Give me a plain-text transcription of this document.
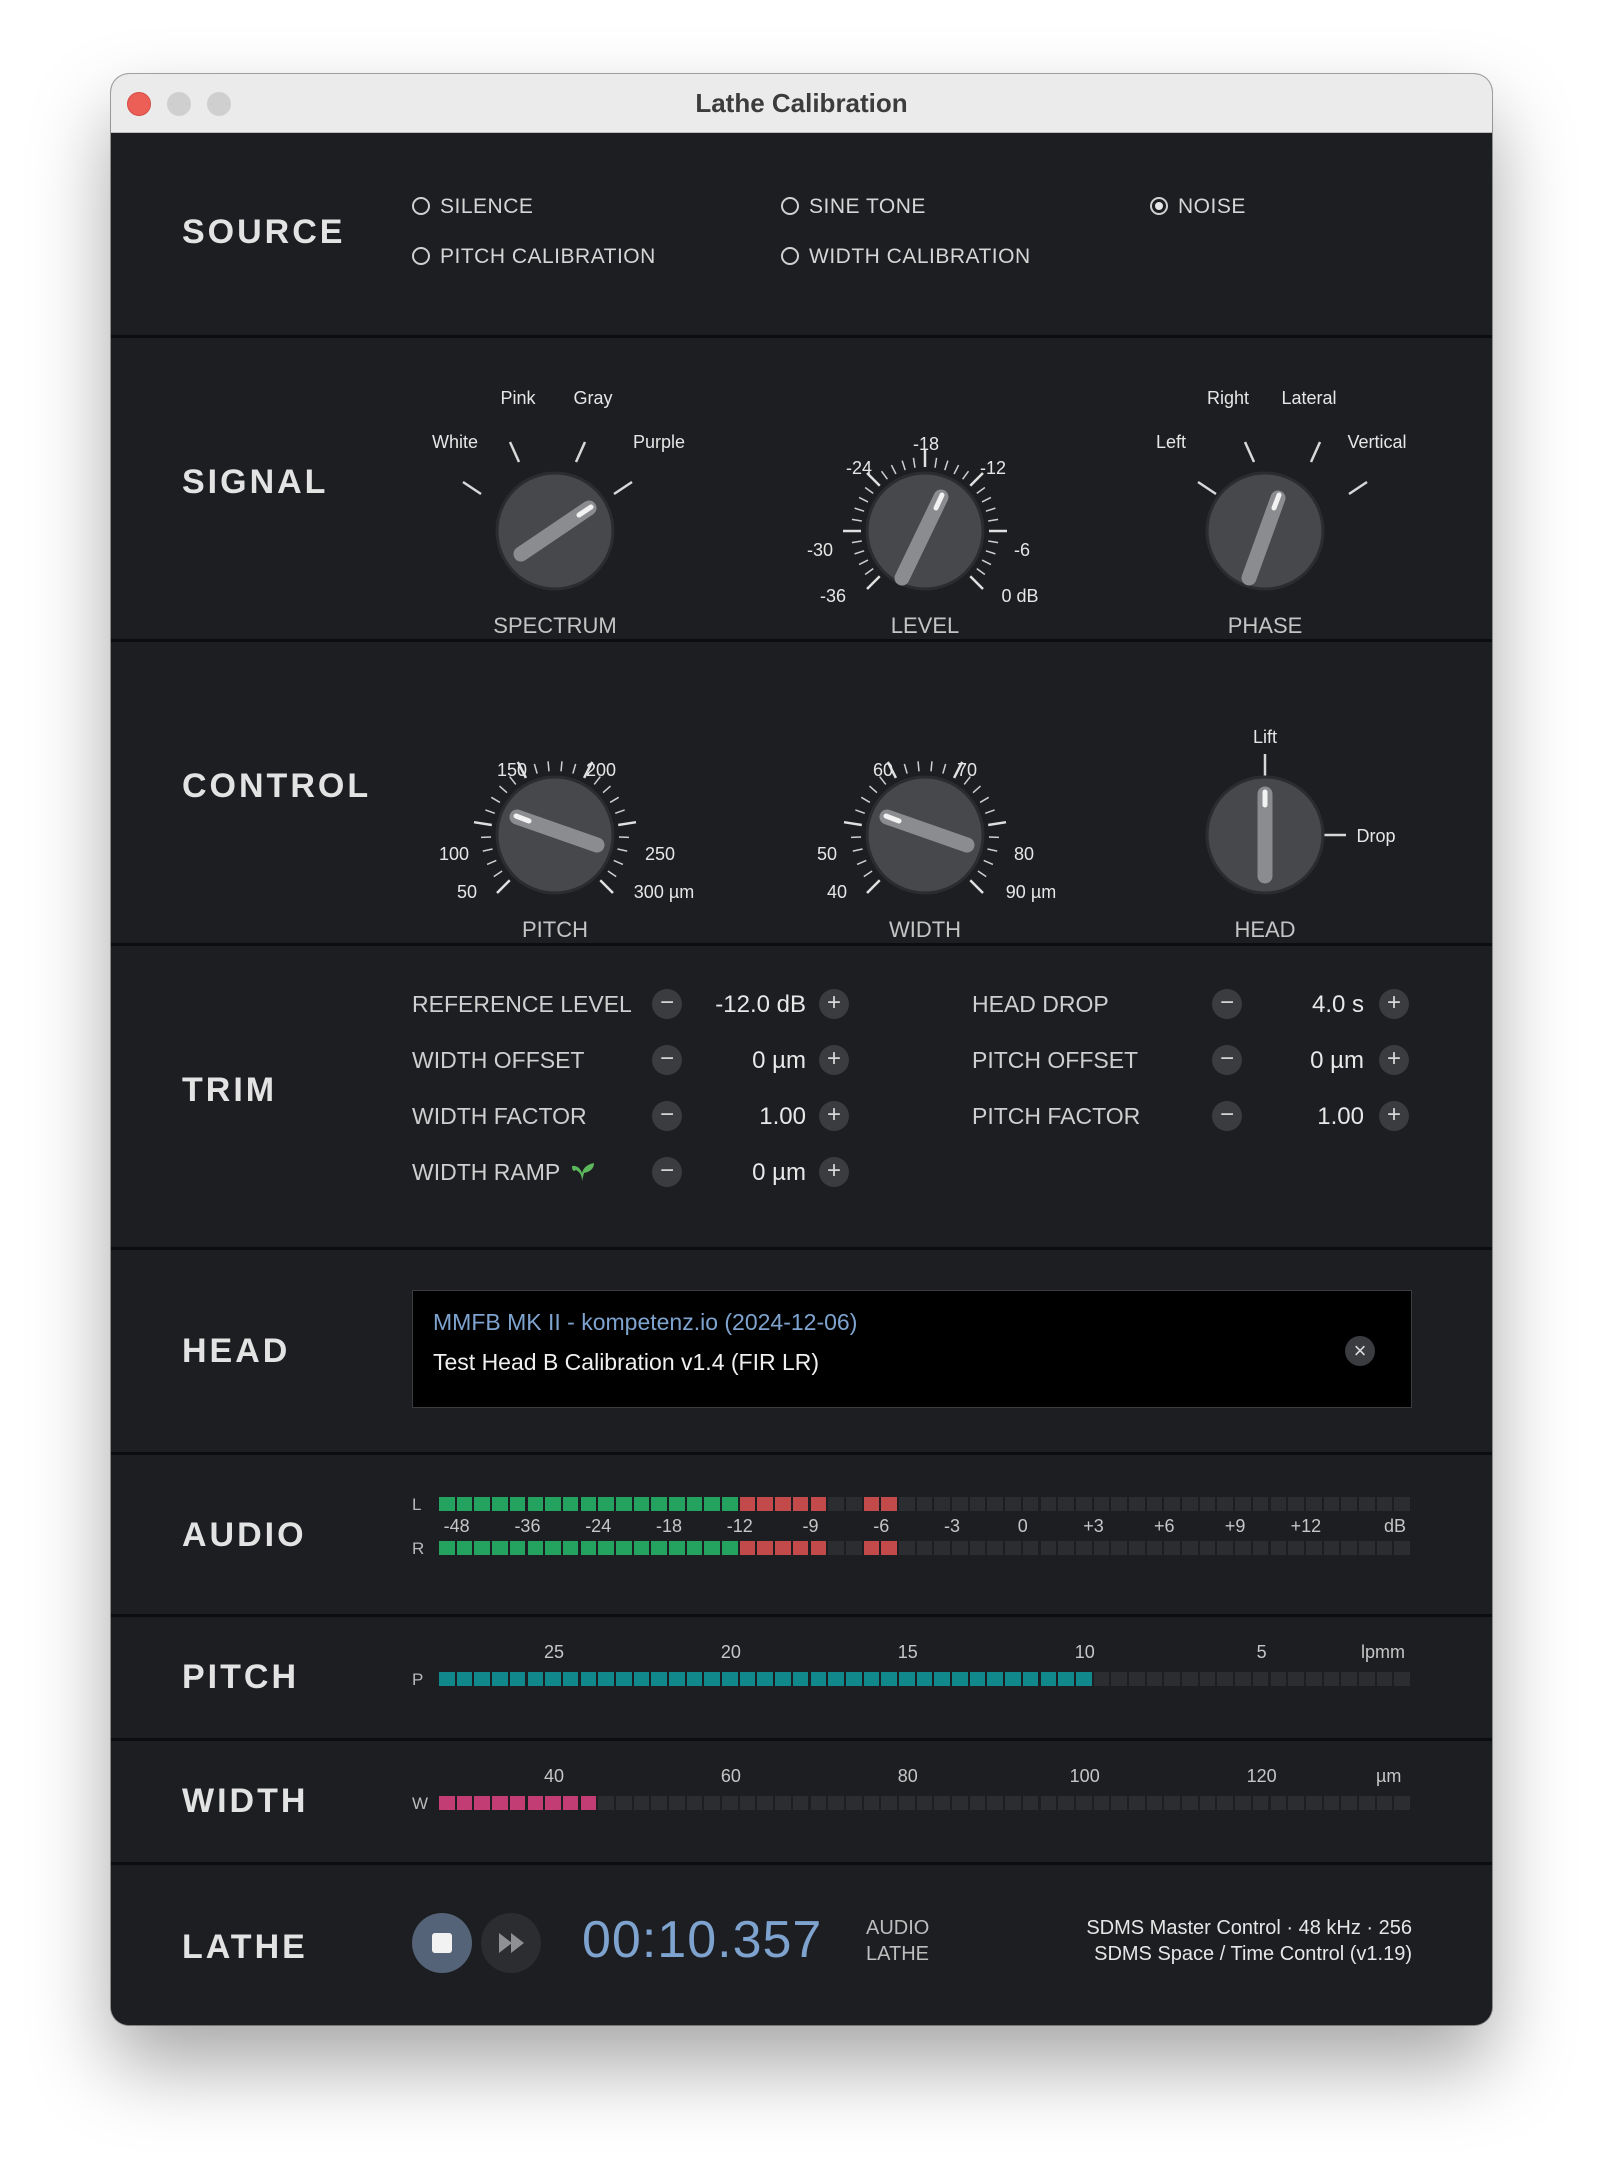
Lathe Calibration
SOURCE
SILENCE	SINE TONE	NOISE
PITCH CALIBRATION	WIDTH CALIBRATION
SIGNAL
White
Pink Gray
Purple
SPECTRUM
-36
-30
-24
-18
-12
-6
0 dB
LEVEL
Left
Right Lateral
Vertical
PHASE
CONTROL
50
100
150	200
250
300 µm
PITCH
40
50
60	70
80
90 µm
WIDTH
Lift
Drop
HEAD
TRIM
REFERENCE LEVEL	−	-12.0 dB +
WIDTH OFFSET	−	0 µm +
WIDTH FACTOR	−	1.00 +
WIDTH RAMP	−	0 µm +
HEAD DROP	−	4.0 s +
PITCH OFFSET	−	0 µm +
PITCH FACTOR	−	1.00 +
HEAD
MMFB MK II - kompetenz.io (2024-12-06)
Test Head B Calibration v1.4 (FIR LR)	×
AUDIO
L
R
-48	-36	-24	-18	-12	-9	-6	-3	0	+3	+6	+9	+12	dB
PITCH	P
25	20	15	10	5	lpmm
WIDTH	W
40	60	80	100	120	µm
LATHE	00:10.357 AUDIO
LATHE
SDMS Master Control · 48 kHz · 256
SDMS Space / Time Control (v1.19)
